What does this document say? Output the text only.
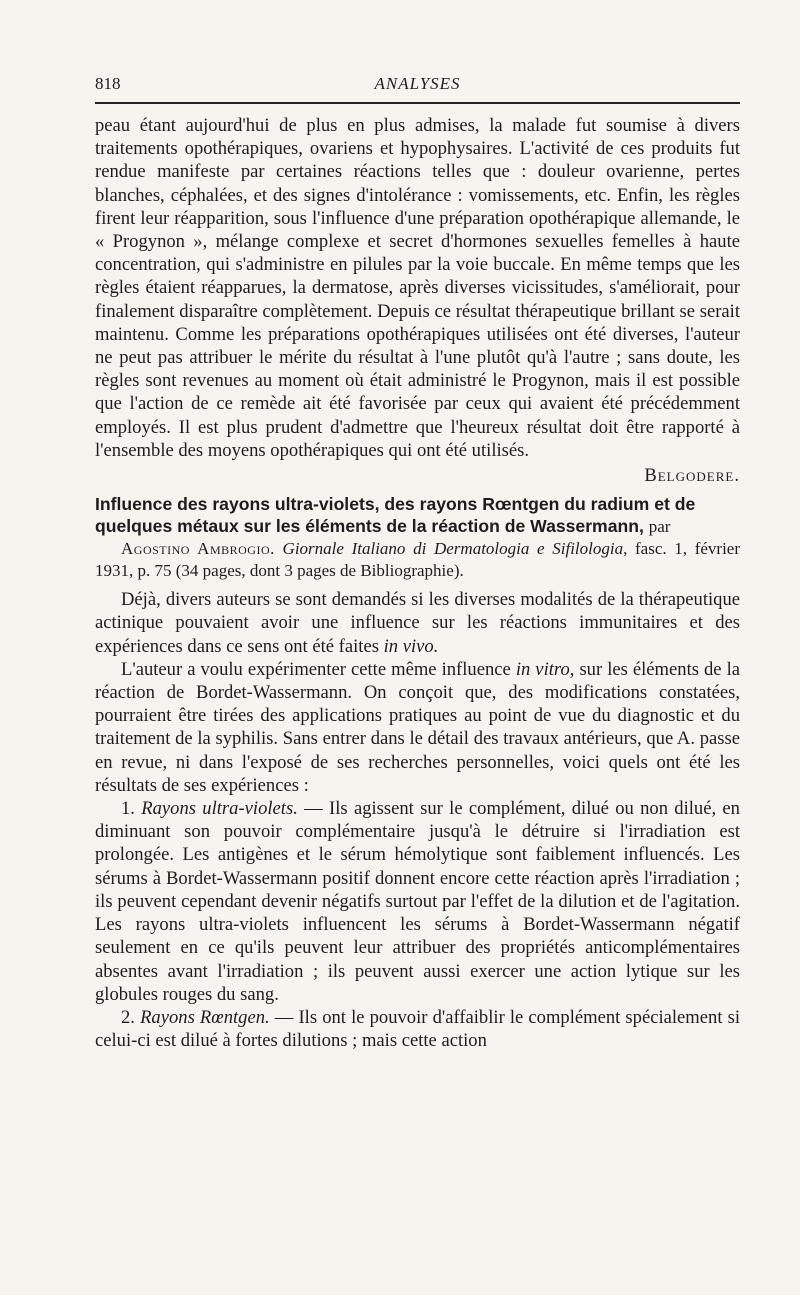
818	ANALYSES

peau étant aujourd'hui de plus en plus admises, la malade fut soumise à divers traitements opothérapiques, ovariens et hypophysaires. L'activité de ces produits fut rendue manifeste par certaines réactions telles que : douleur ovarienne, pertes blanches, céphalées, et des signes d'intolérance : vomissements, etc. Enfin, les règles firent leur réapparition, sous l'influence d'une préparation opothérapique allemande, le « Progynon », mélange complexe et secret d'hormones sexuelles femelles à haute concentration, qui s'administre en pilules par la voie buccale. En même temps que les règles étaient réapparues, la dermatose, après diverses vicissitudes, s'améliorait, pour finalement disparaître complètement. Depuis ce résultat thérapeutique brillant se serait maintenu. Comme les préparations opothérapiques utilisées ont été diverses, l'auteur ne peut pas attribuer le mérite du résultat à l'une plutôt qu'à l'autre ; sans doute, les règles sont revenues au moment où était administré le Progynon, mais il est possible que l'action de ce remède ait été favorisée par ceux qui avaient été précédemment employés. Il est plus prudent d'admettre que l'heureux résultat doit être rapporté à l'ensemble des moyens opothérapiques qui ont été utilisés.

Belgodere.

Influence des rayons ultra-violets, des rayons Rœntgen du radium et de quelques métaux sur les éléments de la réaction de Wassermann, par

Agostino Ambrogio. Giornale Italiano di Dermatologia e Sifilologia, fasc. 1, février 1931, p. 75 (34 pages, dont 3 pages de Bibliographie).

Déjà, divers auteurs se sont demandés si les diverses modalités de la thérapeutique actinique pouvaient avoir une influence sur les réactions immunitaires et des expériences dans ce sens ont été faites in vivo.

L'auteur a voulu expérimenter cette même influence in vitro, sur les éléments de la réaction de Bordet-Wassermann. On conçoit que, des modifications constatées, pourraient être tirées des applications pratiques au point de vue du diagnostic et du traitement de la syphilis. Sans entrer dans le détail des travaux antérieurs, que A. passe en revue, ni dans l'exposé de ses recherches personnelles, voici quels ont été les résultats de ses expériences :

1. Rayons ultra-violets. — Ils agissent sur le complément, dilué ou non dilué, en diminuant son pouvoir complémentaire jusqu'à le détruire si l'irradiation est prolongée. Les antigènes et le sérum hémolytique sont faiblement influencés. Les sérums à Bordet-Wassermann positif donnent encore cette réaction après l'irradiation ; ils peuvent cependant devenir négatifs surtout par l'effet de la dilution et de l'agitation. Les rayons ultra-violets influencent les sérums à Bordet-Wassermann négatif seulement en ce qu'ils peuvent leur attribuer des propriétés anticomplémentaires absentes avant l'irradiation ; ils peuvent aussi exercer une action lytique sur les globules rouges du sang.

2. Rayons Rœntgen. — Ils ont le pouvoir d'affaiblir le complément spécialement si celui-ci est dilué à fortes dilutions ; mais cette action
